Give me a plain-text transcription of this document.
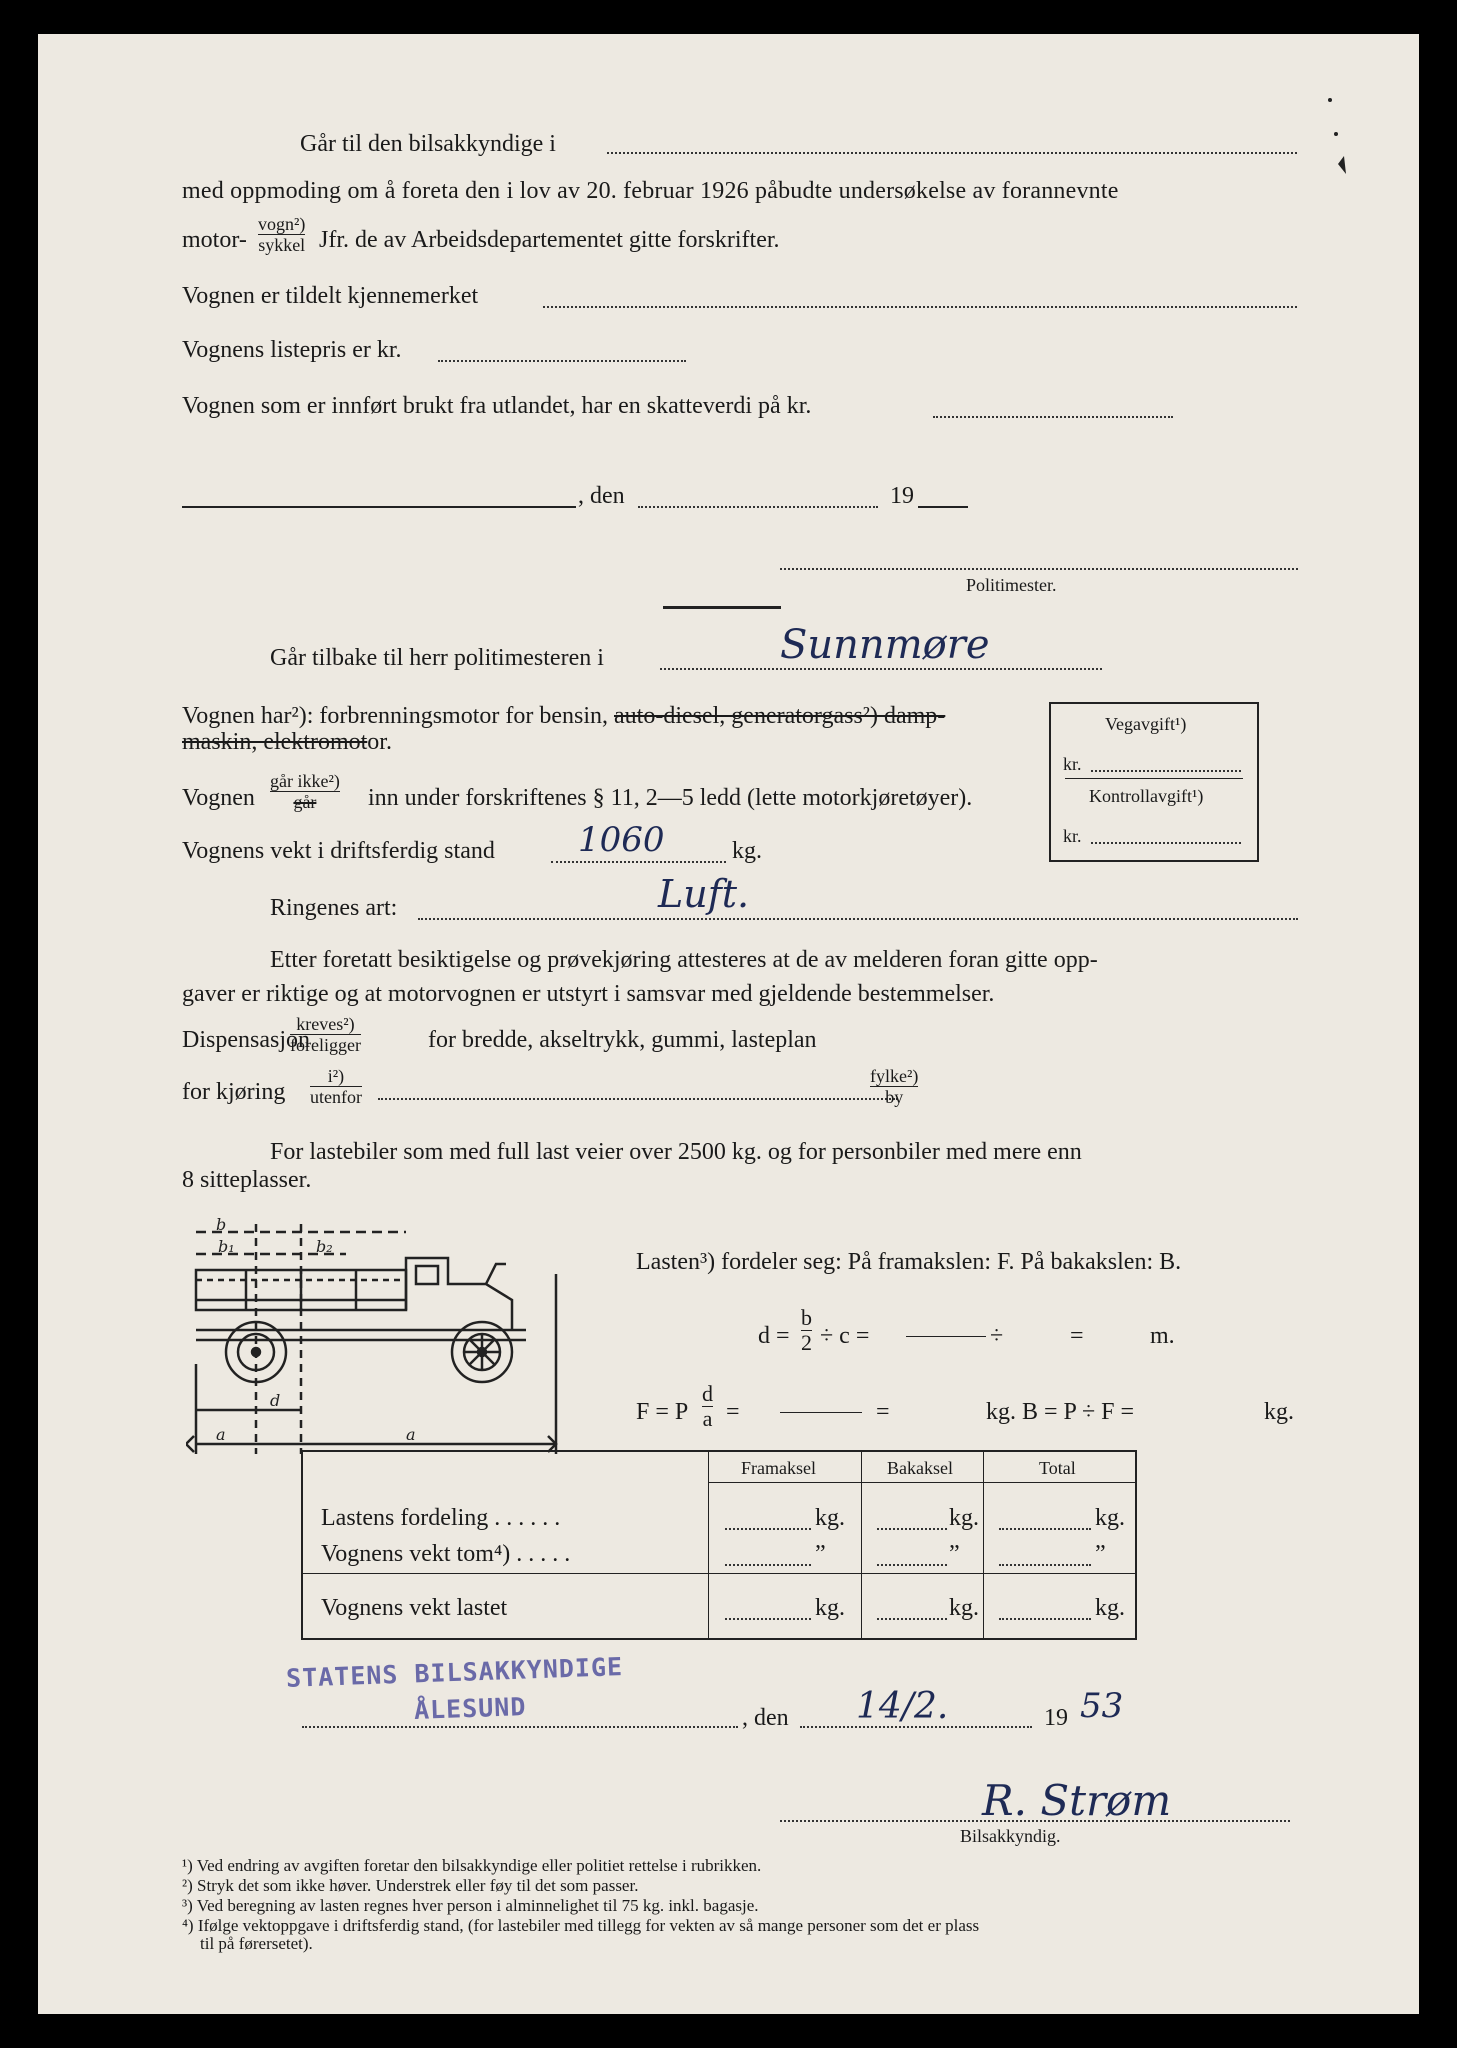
Går til den bilsakkyndige i
med oppmoding om å foreta den i lov av 20. februar 1926 påbudte undersøkelse av forannevnte
motor-
vogn²)
sykkel Jfr. de av Arbeidsdepartementet gitte forskrifter.
Vognen er tildelt kjennemerket
Vognens listepris er kr.
Vognen som er innført brukt fra utlandet, har en skatteverdi på kr.
, den	19
Politimester.
Går tilbake til herr politimesteren i	Sunnmøre
Vognen har²): forbrenningsmotor for bensin, auto-diesel, generatorgass²) damp-
maskin, elektromotor.
Vognen
går ikke²)
går inn under forskriftenes § 11, 2—5 ledd (lette motorkjøretøyer).
Vognens vekt i driftsferdig stand 1060	kg.
Ringenes art:	Luft.
Etter foretatt besiktigelse og prøvekjøring attesteres at de av melderen foran gitte opp-
gaver er riktige og at motorvognen er utstyrt i samsvar med gjeldende bestemmelser.
Dispensasjon
kreves²)
foreligger	for bredde, akseltrykk, gummi, lasteplan
for kjøring
i²)
utenfor
fylke²)
by
Vegavgift¹)
kr.
Kontrollavgift¹)
kr.
For lastebiler som med full last veier over 2500 kg. og for personbiler med mere enn
8 sitteplasser.
b
b₁	b₂
a
d
a
Lasten³) fordeler seg: På framakslen: F. På bakakslen: B.
d =
b
2 ÷ c =	÷	=	m.
F = P
d
a =	=	kg. B = P ÷ F =	kg.
Framaksel	Bakaksel	Total
Lastens fordeling . . . . . .	kg.	kg.	kg.
Vognens vekt tom⁴) . . . . .	”	”	”
Vognens vekt lastet	kg.	kg.	kg.
STATENS BILSAKKYNDIGE
ÅLESUND	, den 14/2.	19 53
R. Strøm
Bilsakkyndig.
¹) Ved endring av avgiften foretar den bilsakkyndige eller politiet rettelse i rubrikken.
²) Stryk det som ikke høver. Understrek eller føy til det som passer.
³) Ved beregning av lasten regnes hver person i alminnelighet til 75 kg. inkl. bagasje.
⁴) Ifølge vektoppgave i driftsferdig stand, (for lastebiler med tillegg for vekten av så mange personer som det er plass
til på førersetet).
